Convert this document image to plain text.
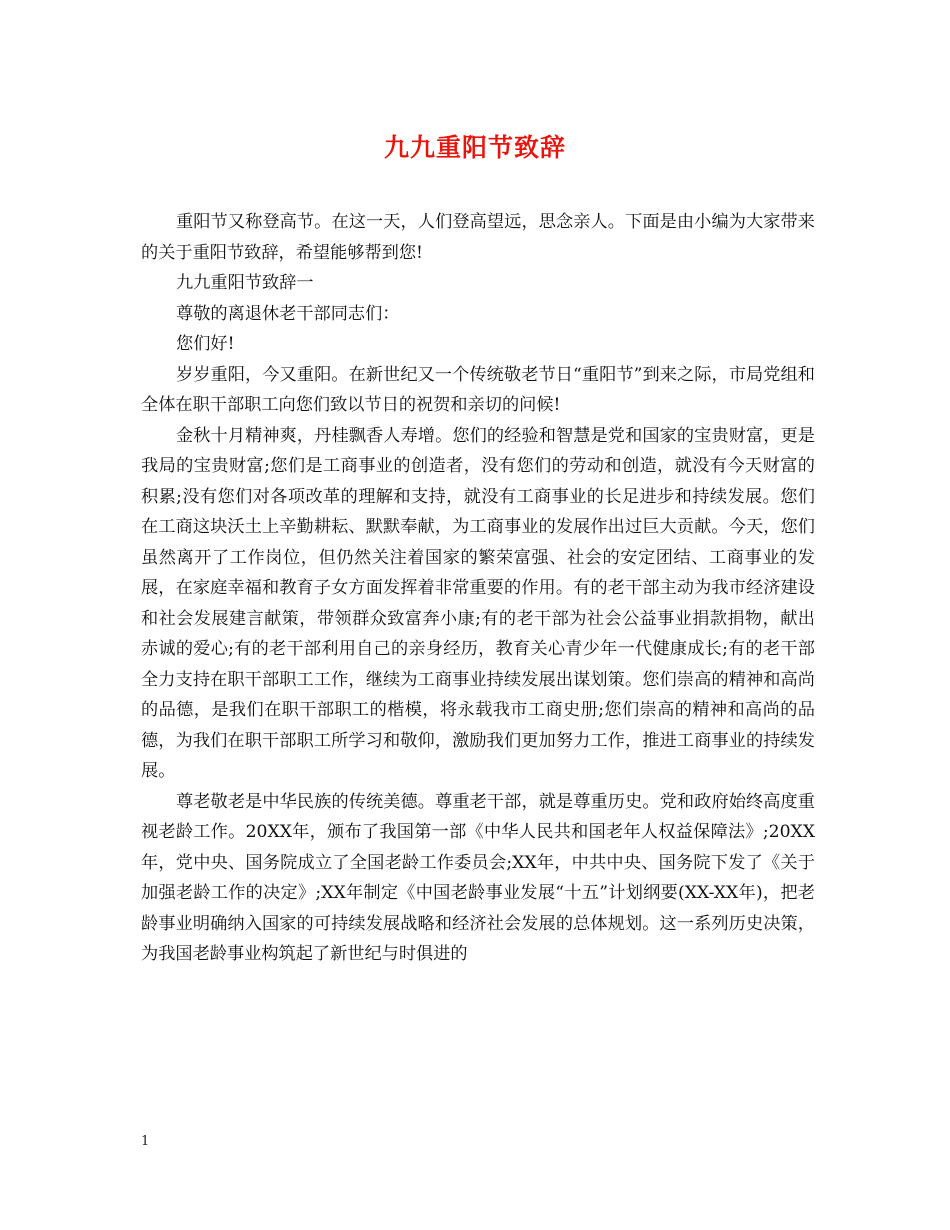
九九重阳节致辞

重阳节又称登高节。在这一天，人们登高望远，思念亲人。下面是由小编为大家带来的关于重阳节致辞，希望能够帮到您!

九九重阳节致辞一

尊敬的离退休老干部同志们：

您们好!

岁岁重阳，今又重阳。在新世纪又一个传统敬老节日“重阳节”到来之际，市局党组和全体在职干部职工向您们致以节日的祝贺和亲切的问候!

金秋十月精神爽，丹桂飘香人寿增。您们的经验和智慧是党和国家的宝贵财富，更是我局的宝贵财富;您们是工商事业的创造者，没有您们的劳动和创造，就没有今天财富的积累;没有您们对各项改革的理解和支持，就没有工商事业的长足进步和持续发展。您们在工商这块沃土上辛勤耕耘、默默奉献，为工商事业的发展作出过巨大贡献。今天，您们虽然离开了工作岗位，但仍然关注着国家的繁荣富强、社会的安定团结、工商事业的发展，在家庭幸福和教育子女方面发挥着非常重要的作用。有的老干部主动为我市经济建设和社会发展建言献策，带领群众致富奔小康;有的老干部为社会公益事业捐款捐物，献出赤诚的爱心;有的老干部利用自己的亲身经历，教育关心青少年一代健康成长;有的老干部全力支持在职干部职工工作，继续为工商事业持续发展出谋划策。您们崇高的精神和高尚的品德，是我们在职干部职工的楷模，将永载我市工商史册;您们崇高的精神和高尚的品德，为我们在职干部职工所学习和敬仰，激励我们更加努力工作，推进工商事业的持续发展。

尊老敬老是中华民族的传统美德。尊重老干部，就是尊重历史。党和政府始终高度重视老龄工作。20XX年，颁布了我国第一部《中华人民共和国老年人权益保障法》;20XX年，党中央、国务院成立了全国老龄工作委员会;XX年，中共中央、国务院下发了《关于加强老龄工作的决定》;XX年制定《中国老龄事业发展“十五”计划纲要(XX-XX年)，把老龄事业明确纳入国家的可持续发展战略和经济社会发展的总体规划。这一系列历史决策，为我国老龄事业构筑起了新世纪与时俱进的

1
